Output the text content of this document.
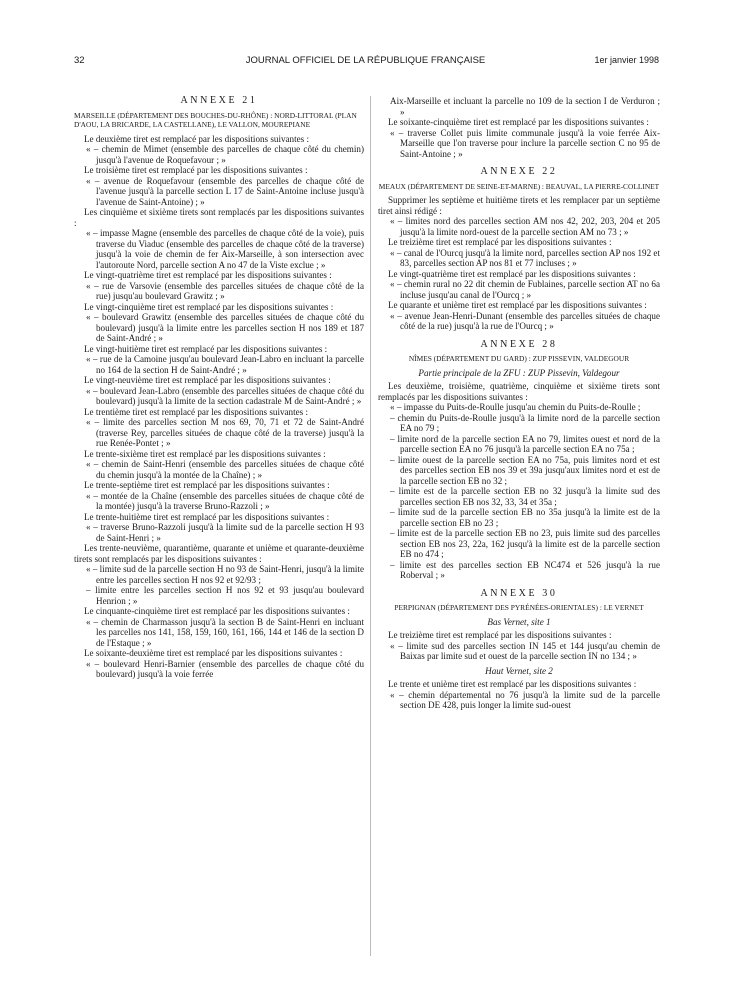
32	JOURNAL OFFICIEL DE LA RÉPUBLIQUE FRANÇAISE	1er janvier 1998
ANNEXE 21
MARSEILLE (DÉPARTEMENT DES BOUCHES-DU-RHÔNE) : NORD-LITTORAL (PLAN D'AOU, LA BRICARDE, LA CASTELLANE), LE VALLON, MOUREPIANE

Le deuxième tiret est remplacé par les dispositions suivantes :

« – chemin de Mimet (ensemble des parcelles de chaque côté du chemin) jusqu'à l'avenue de Roquefavour ; »

Le troisième tiret est remplacé par les dispositions suivantes :

« – avenue de Roquefavour (ensemble des parcelles de chaque côté de l'avenue jusqu'à la parcelle section L 17 de Saint-Antoine incluse jusqu'à l'avenue de Saint-Antoine) ; »

Les cinquième et sixième tirets sont remplacés par les dispositions suivantes :

« – impasse Magne (ensemble des parcelles de chaque côté de la voie), puis traverse du Viaduc (ensemble des parcelles de chaque côté de la traverse) jusqu'à la voie de chemin de fer Aix-Marseille, à son intersection avec l'autoroute Nord, parcelle section A no 47 de la Viste exclue ; »

Le vingt-quatrième tiret est remplacé par les dispositions suivantes :

« – rue de Varsovie (ensemble des parcelles situées de chaque côté de la rue) jusqu'au boulevard Grawitz ; »

Le vingt-cinquième tiret est remplacé par les dispositions suivantes :

« – boulevard Grawitz (ensemble des parcelles situées de chaque côté du boulevard) jusqu'à la limite entre les parcelles section H nos 189 et 187 de Saint-André ; »

Le vingt-huitième tiret est remplacé par les dispositions suivantes :

« – rue de la Camoine jusqu'au boulevard Jean-Labro en incluant la parcelle no 164 de la section H de Saint-André ; »

Le vingt-neuvième tiret est remplacé par les dispositions suivantes :

« – boulevard Jean-Labro (ensemble des parcelles situées de chaque côté du boulevard) jusqu'à la limite de la section cadastrale M de Saint-André ; »

Le trentième tiret est remplacé par les dispositions suivantes :

« – limite des parcelles section M nos 69, 70, 71 et 72 de Saint-André (traverse Rey, parcelles situées de chaque côté de la traverse) jusqu'à la rue Renée-Pontet ; »

Le trente-sixième tiret est remplacé par les dispositions suivantes :

« – chemin de Saint-Henri (ensemble des parcelles situées de chaque côté du chemin jusqu'à la montée de la Chaîne) ; »

Le trente-septième tiret est remplacé par les dispositions suivantes :

« – montée de la Chaîne (ensemble des parcelles situées de chaque côté de la montée) jusqu'à la traverse Bruno-Razzoli ; »

Le trente-huitième tiret est remplacé par les dispositions suivantes :

« – traverse Bruno-Razzoli jusqu'à la limite sud de la parcelle section H 93 de Saint-Henri ; »

Les trente-neuvième, quarantième, quarante et unième et quarante-deuxième tirets sont remplacés par les dispositions suivantes :

« – limite sud de la parcelle section H no 93 de Saint-Henri, jusqu'à la limite entre les parcelles section H nos 92 et 92/93 ;
– limite entre les parcelles section H nos 92 et 93 jusqu'au boulevard Henrion ; »

Le cinquante-cinquième tiret est remplacé par les dispositions suivantes :

« – chemin de Charmasson jusqu'à la section B de Saint-Henri en incluant les parcelles nos 141, 158, 159, 160, 161, 166, 144 et 146 de la section D de l'Estaque ; »

Le soixante-deuxième tiret est remplacé par les dispositions suivantes :

« – boulevard Henri-Barnier (ensemble des parcelles de chaque côté du boulevard) jusqu'à la voie ferrée
Aix-Marseille et incluant la parcelle no 109 de la section I de Verduron ; »

Le soixante-cinquième tiret est remplacé par les dispositions suivantes :

« – traverse Collet puis limite communale jusqu'à la voie ferrée Aix-Marseille que l'on traverse pour inclure la parcelle section C no 95 de Saint-Antoine ; »
ANNEXE 22
MEAUX (DÉPARTEMENT DE SEINE-ET-MARNE) : BEAUVAL, LA PIERRE-COLLINET

Supprimer les septième et huitième tirets et les remplacer par un septième tiret ainsi rédigé :

« – limites nord des parcelles section AM nos 42, 202, 203, 204 et 205 jusqu'à la limite nord-ouest de la parcelle section AM no 73 ; »

Le treizième tiret est remplacé par les dispositions suivantes :

« – canal de l'Ourcq jusqu'à la limite nord, parcelles section AP nos 192 et 83, parcelles section AP nos 81 et 77 incluses ; »

Le vingt-quatrième tiret est remplacé par les dispositions suivantes :

« – chemin rural no 22 dit chemin de Fublaines, parcelle section AT no 6a incluse jusqu'au canal de l'Ourcq ; »

Le quarante et unième tiret est remplacé par les dispositions suivantes :

« – avenue Jean-Henri-Dunant (ensemble des parcelles situées de chaque côté de la rue) jusqu'à la rue de l'Ourcq ; »
ANNEXE 28
NÎMES (DÉPARTEMENT DU GARD) : ZUP PISSEVIN, VALDEGOUR
Partie principale de la ZFU : ZUP Pissevin, Valdegour

Les deuxième, troisième, quatrième, cinquième et sixième tirets sont remplacés par les dispositions suivantes :

« – impasse du Puits-de-Roulle jusqu'au chemin du Puits-de-Roulle ;
– chemin du Puits-de-Roulle jusqu'à la limite nord de la parcelle section EA no 79 ;
– limite nord de la parcelle section EA no 79, limites ouest et nord de la parcelle section EA no 76 jusqu'à la parcelle section EA no 75a ;
– limite ouest de la parcelle section EA no 75a, puis limites nord et est des parcelles section EB nos 39 et 39a jusqu'aux limites nord et est de la parcelle section EB no 32 ;
– limite est de la parcelle section EB no 32 jusqu'à la limite sud des parcelles section EB nos 32, 33, 34 et 35a ;
– limite sud de la parcelle section EB no 35a jusqu'à la limite est de la parcelle section EB no 23 ;
– limite est de la parcelle section EB no 23, puis limite sud des parcelles section EB nos 23, 22a, 162 jusqu'à la limite est de la parcelle section EB no 474 ;
– limite est des parcelles section EB NC474 et 526 jusqu'à la rue Roberval ; »
ANNEXE 30
PERPIGNAN (DÉPARTEMENT DES PYRÉNÉES-ORIENTALES) : LE VERNET
Bas Vernet, site 1

Le treizième tiret est remplacé par les dispositions suivantes :

« – limite sud des parcelles section IN 145 et 144 jusqu'au chemin de Baixas par limite sud et ouest de la parcelle section IN no 134 ; »
Haut Vernet, site 2

Le trente et unième tiret est remplacé par les dispositions suivantes :

« – chemin départemental no 76 jusqu'à la limite sud de la parcelle section DE 428, puis longer la limite sud-ouest
